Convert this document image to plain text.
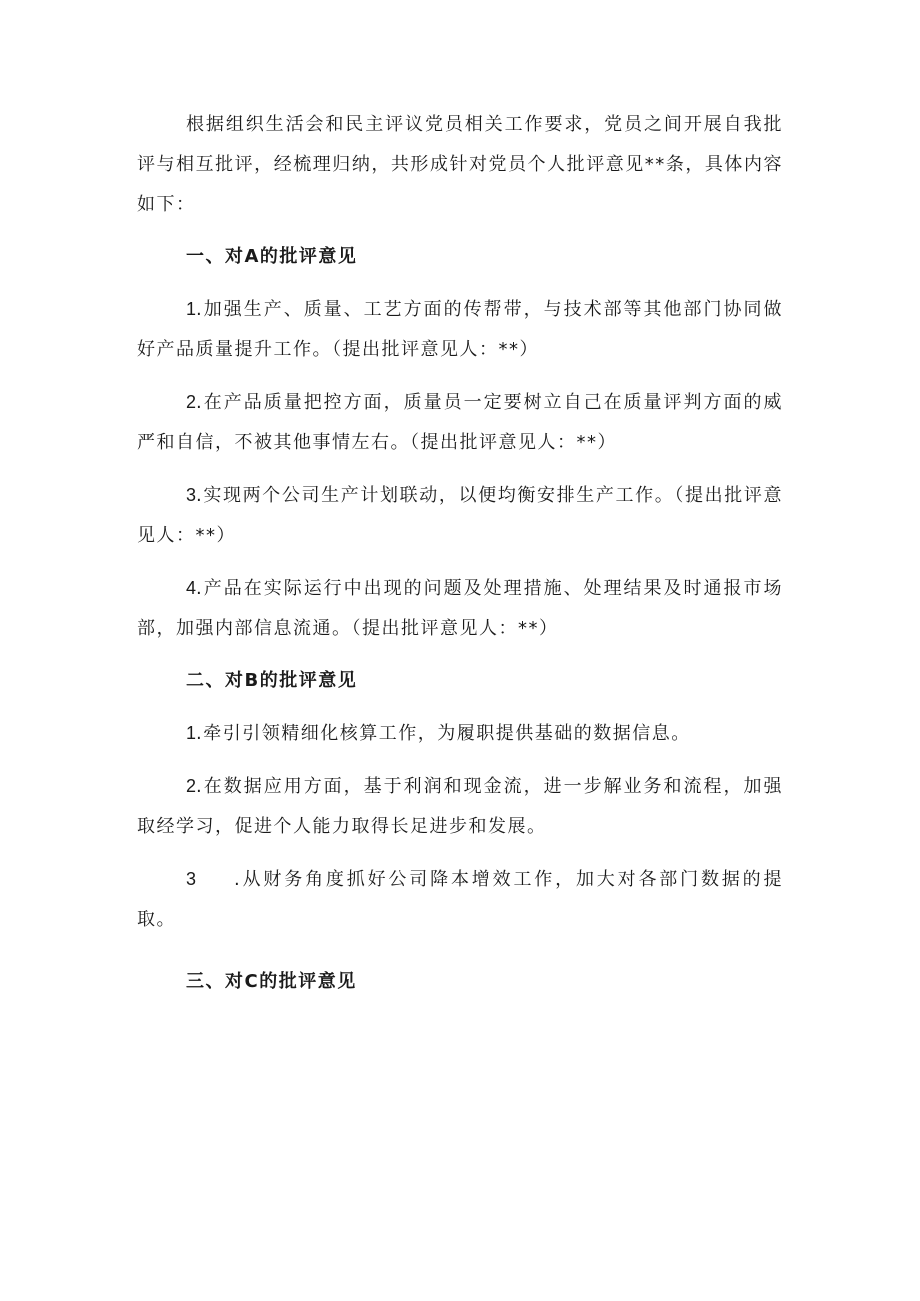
根据组织生活会和民主评议党员相关工作要求，党员之间开展自我批评与相互批评，经梳理归纳，共形成针对党员个人批评意见**条，具体内容如下：

一、对A的批评意见

1.加强生产、质量、工艺方面的传帮带，与技术部等其他部门协同做好产品质量提升工作。（提出批评意见人：**）

2.在产品质量把控方面，质量员一定要树立自己在质量评判方面的威严和自信，不被其他事情左右。（提出批评意见人：**）

3.实现两个公司生产计划联动，以便均衡安排生产工作。（提出批评意见人：**）

4.产品在实际运行中出现的问题及处理措施、处理结果及时通报市场部，加强内部信息流通。（提出批评意见人：**）

二、对B的批评意见

1.牵引引领精细化核算工作，为履职提供基础的数据信息。

2.在数据应用方面，基于利润和现金流，进一步解业务和流程，加强取经学习，促进个人能力取得长足进步和发展。

3 .从财务角度抓好公司降本增效工作，加大对各部门数据的提取。

三、对C的批评意见
